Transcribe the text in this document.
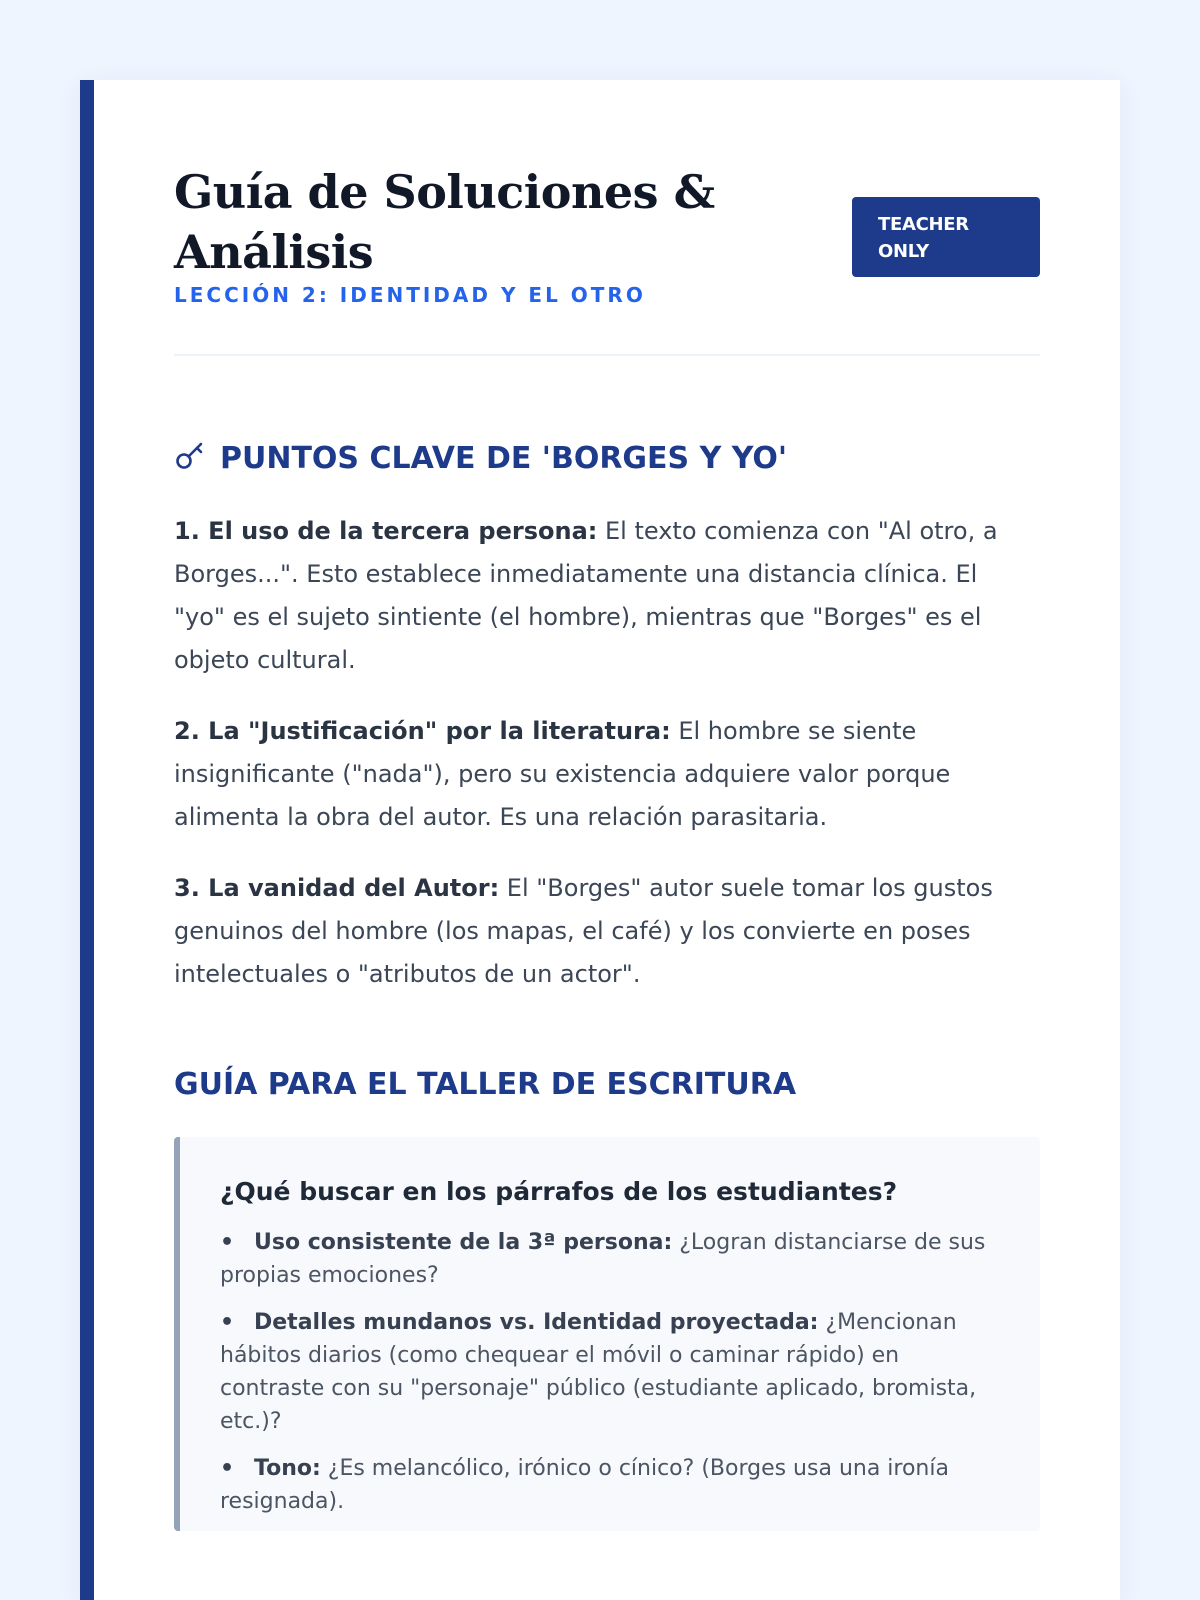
Guía de Soluciones & Análisis
LECCIÓN 2: IDENTIDAD Y EL OTRO
TEACHER ONLY
PUNTOS CLAVE DE 'BORGES Y YO'

1. El uso de la tercera persona: El texto comienza con "Al otro, a Borges...". Esto establece inmediatamente una distancia clínica. El "yo" es el sujeto sintiente (el hombre), mientras que "Borges" es el objeto cultural.

2. La "Justificación" por la literatura: El hombre se siente insignificante ("nada"), pero su existencia adquiere valor porque alimenta la obra del autor. Es una relación parasitaria.

3. La vanidad del Autor: El "Borges" autor suele tomar los gustos genuinos del hombre (los mapas, el café) y los convierte en poses intelectuales o "atributos de un actor".

GUÍA PARA EL TALLER DE ESCRITURA
¿Qué buscar en los párrafos de los estudiantes?
• Uso consistente de la 3ª persona: ¿Logran distanciarse de sus propias emociones?
• Detalles mundanos vs. Identidad proyectada: ¿Mencionan hábitos diarios (como chequear el móvil o caminar rápido) en contraste con su "personaje" público (estudiante aplicado, bromista, etc.)?
• Tono: ¿Es melancólico, irónico o cínico? (Borges usa una ironía resignada).
